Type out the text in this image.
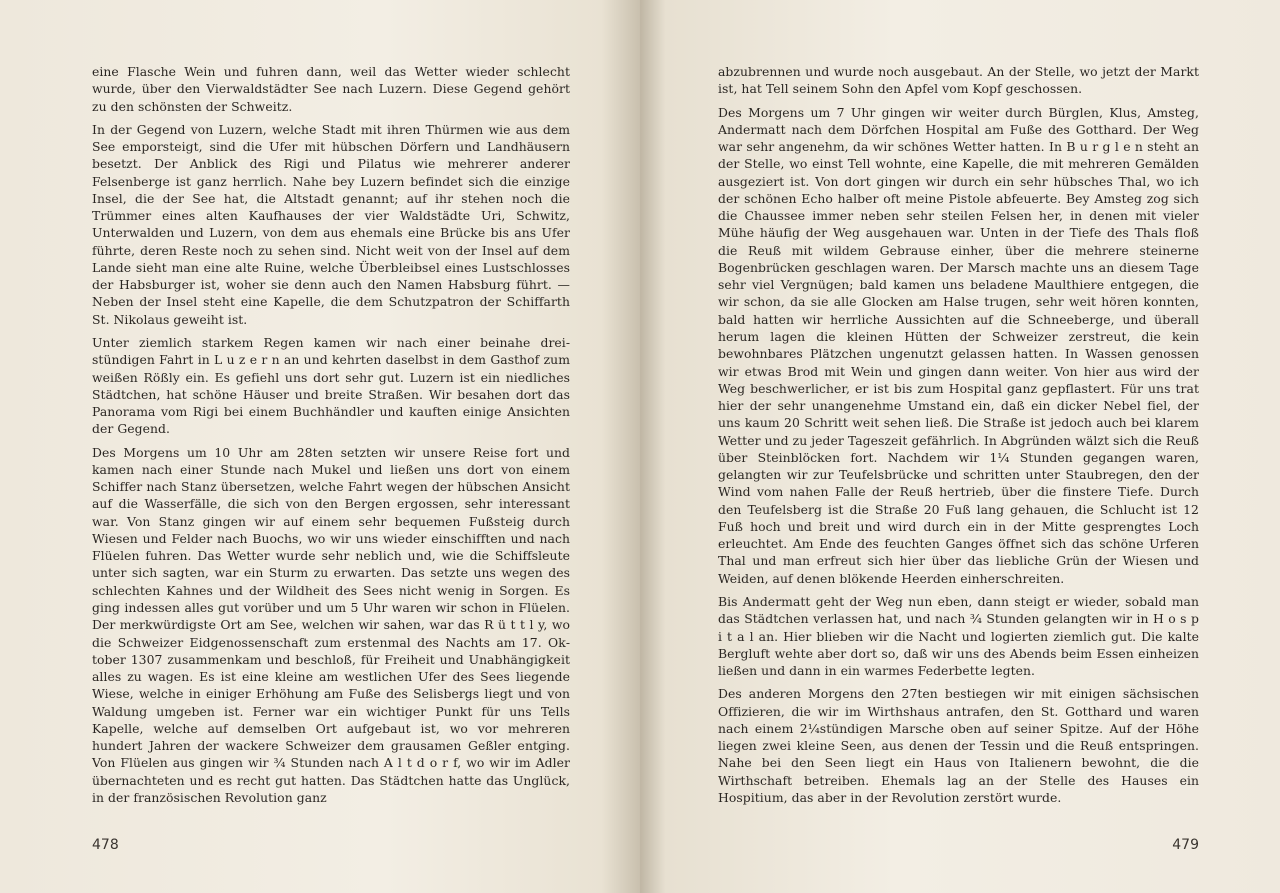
eine Flasche Wein und fuhren dann, weil das Wetter wieder schlecht wurde, über den Vierwaldstädter See nach Luzern. Diese Gegend gehört zu den schönsten der Schweitz.

In der Gegend von Luzern, welche Stadt mit ihren Thürmen wie aus dem See emporsteigt, sind die Ufer mit hübschen Dörfern und Landhäusern besetzt. Der Anblick des Rigi und Pilatus wie mehrerer anderer Felsenberge ist ganz herrlich. Nahe bey Luzern befindet sich die einzige Insel, die der See hat, die Altstadt genannt; auf ihr stehen noch die Trümmer eines alten Kaufhauses der vier Waldstädte Uri, Schwitz, Unterwalden und Luzern, von dem aus ehemals eine Brücke bis ans Ufer führte, deren Reste noch zu sehen sind. Nicht weit von der Insel auf dem Lande sieht man eine alte Ruine, welche Überbleibsel eines Lustschlosses der Habsburger ist, woher sie denn auch den Namen Habsburg führt. — Neben der Insel steht eine Kapelle, die dem Schutzpatron der Schiffarth St. Nikolaus geweiht ist.

Unter ziemlich starkem Regen kamen wir nach einer beinahe dreistündigen Fahrt in L u z e r n an und kehrten daselbst in dem Gasthof zum weißen Rößly ein. Es gefiehl uns dort sehr gut. Luzern ist ein niedliches Städtchen, hat schöne Häuser und breite Straßen. Wir besahen dort das Panorama vom Rigi bei einem Buchhändler und kauften einige Ansichten der Gegend.

Des Morgens um 10 Uhr am 28ten setzten wir unsere Reise fort und kamen nach einer Stunde nach Mukel und ließen uns dort von einem Schiffer nach Stanz übersetzen, welche Fahrt wegen der hübschen Ansicht auf die Wasserfälle, die sich von den Bergen ergossen, sehr interessant war. Von Stanz gingen wir auf einem sehr bequemen Fußsteig durch Wiesen und Felder nach Buochs, wo wir uns wieder einschifften und nach Flüelen fuhren. Das Wetter wurde sehr neblich und, wie die Schiffsleute unter sich sagten, war ein Sturm zu erwarten. Das setzte uns wegen des schlechten Kahnes und der Wildheit des Sees nicht wenig in Sorgen. Es ging indessen alles gut vorüber und um 5 Uhr waren wir schon in Flüelen. Der merkwürdigste Ort am See, welchen wir sahen, war das R ü t t l y, wo die Schweizer Eidgenossenschaft zum erstenmal des Nachts am 17. Oktober 1307 zusammenkam und beschloß, für Freiheit und Unabhängigkeit alles zu wagen. Es ist eine kleine am westlichen Ufer des Sees liegende Wiese, welche in einiger Erhöhung am Fuße des Selisbergs liegt und von Waldung umgeben ist. Ferner war ein wichtiger Punkt für uns Tells Kapelle, welche auf demselben Ort aufgebaut ist, wo vor mehreren hundert Jahren der wackere Schweizer dem grausamen Geßler entging. Von Flüelen aus gingen wir ¾ Stunden nach A l t d o r f, wo wir im Adler übernachteten und es recht gut hatten. Das Städtchen hatte das Unglück, in der französischen Revolution ganz

478

abzubrennen und wurde noch ausgebaut. An der Stelle, wo jetzt der Markt ist, hat Tell seinem Sohn den Apfel vom Kopf geschossen.

Des Morgens um 7 Uhr gingen wir weiter durch Bürglen, Klus, Amsteg, Andermatt nach dem Dörfchen Hospital am Fuße des Gotthard. Der Weg war sehr angenehm, da wir schönes Wetter hatten. In B u r g l e n steht an der Stelle, wo einst Tell wohnte, eine Kapelle, die mit mehreren Gemälden ausgeziert ist. Von dort gingen wir durch ein sehr hübsches Thal, wo ich der schönen Echo halber oft meine Pistole abfeuerte. Bey Amsteg zog sich die Chaussee immer neben sehr steilen Felsen her, in denen mit vieler Mühe häufig der Weg ausgehauen war. Unten in der Tiefe des Thals floß die Reuß mit wildem Gebrause einher, über die mehrere steinerne Bogenbrücken geschlagen waren. Der Marsch machte uns an diesem Tage sehr viel Vergnügen; bald kamen uns beladene Maulthiere entgegen, die wir schon, da sie alle Glocken am Halse trugen, sehr weit hören konnten, bald hatten wir herrliche Aussichten auf die Schneeberge, und überall herum lagen die kleinen Hütten der Schweizer zerstreut, die kein bewohnbares Plätzchen ungenutzt gelassen hatten. In Wassen genossen wir etwas Brod mit Wein und gingen dann weiter. Von hier aus wird der Weg beschwerlicher, er ist bis zum Hospital ganz gepflastert. Für uns trat hier der sehr unangenehme Umstand ein, daß ein dicker Nebel fiel, der uns kaum 20 Schritt weit sehen ließ. Die Straße ist jedoch auch bei klarem Wetter und zu jeder Tageszeit gefährlich. In Abgründen wälzt sich die Reuß über Steinblöcken fort. Nachdem wir 1¼ Stunden gegangen waren, gelangten wir zur Teufelsbrücke und schritten unter Staubregen, den der Wind vom nahen Falle der Reuß hertrieb, über die finstere Tiefe. Durch den Teufelsberg ist die Straße 20 Fuß lang gehauen, die Schlucht ist 12 Fuß hoch und breit und wird durch ein in der Mitte gesprengtes Loch erleuchtet. Am Ende des feuchten Ganges öffnet sich das schöne Urferen Thal und man erfreut sich hier über das liebliche Grün der Wiesen und Weiden, auf denen blökende Heerden einherschreiten.

Bis Andermatt geht der Weg nun eben, dann steigt er wieder, sobald man das Städtchen verlassen hat, und nach ¾ Stunden gelangten wir in H o s p i t a l an. Hier blieben wir die Nacht und logierten ziemlich gut. Die kalte Bergluft wehte aber dort so, daß wir uns des Abends beim Essen einheizen ließen und dann in ein warmes Federbette legten.

Des anderen Morgens den 27ten bestiegen wir mit einigen sächsischen Offizieren, die wir im Wirthshaus antrafen, den St. Gotthard und waren nach einem 2¼stündigen Marsche oben auf seiner Spitze. Auf der Höhe liegen zwei kleine Seen, aus denen der Tessin und die Reuß entspringen. Nahe bei den Seen liegt ein Haus von Italienern bewohnt, die die Wirthschaft betreiben. Ehemals lag an der Stelle des Hauses ein Hospitium, das aber in der Revolution zerstört wurde.

479
